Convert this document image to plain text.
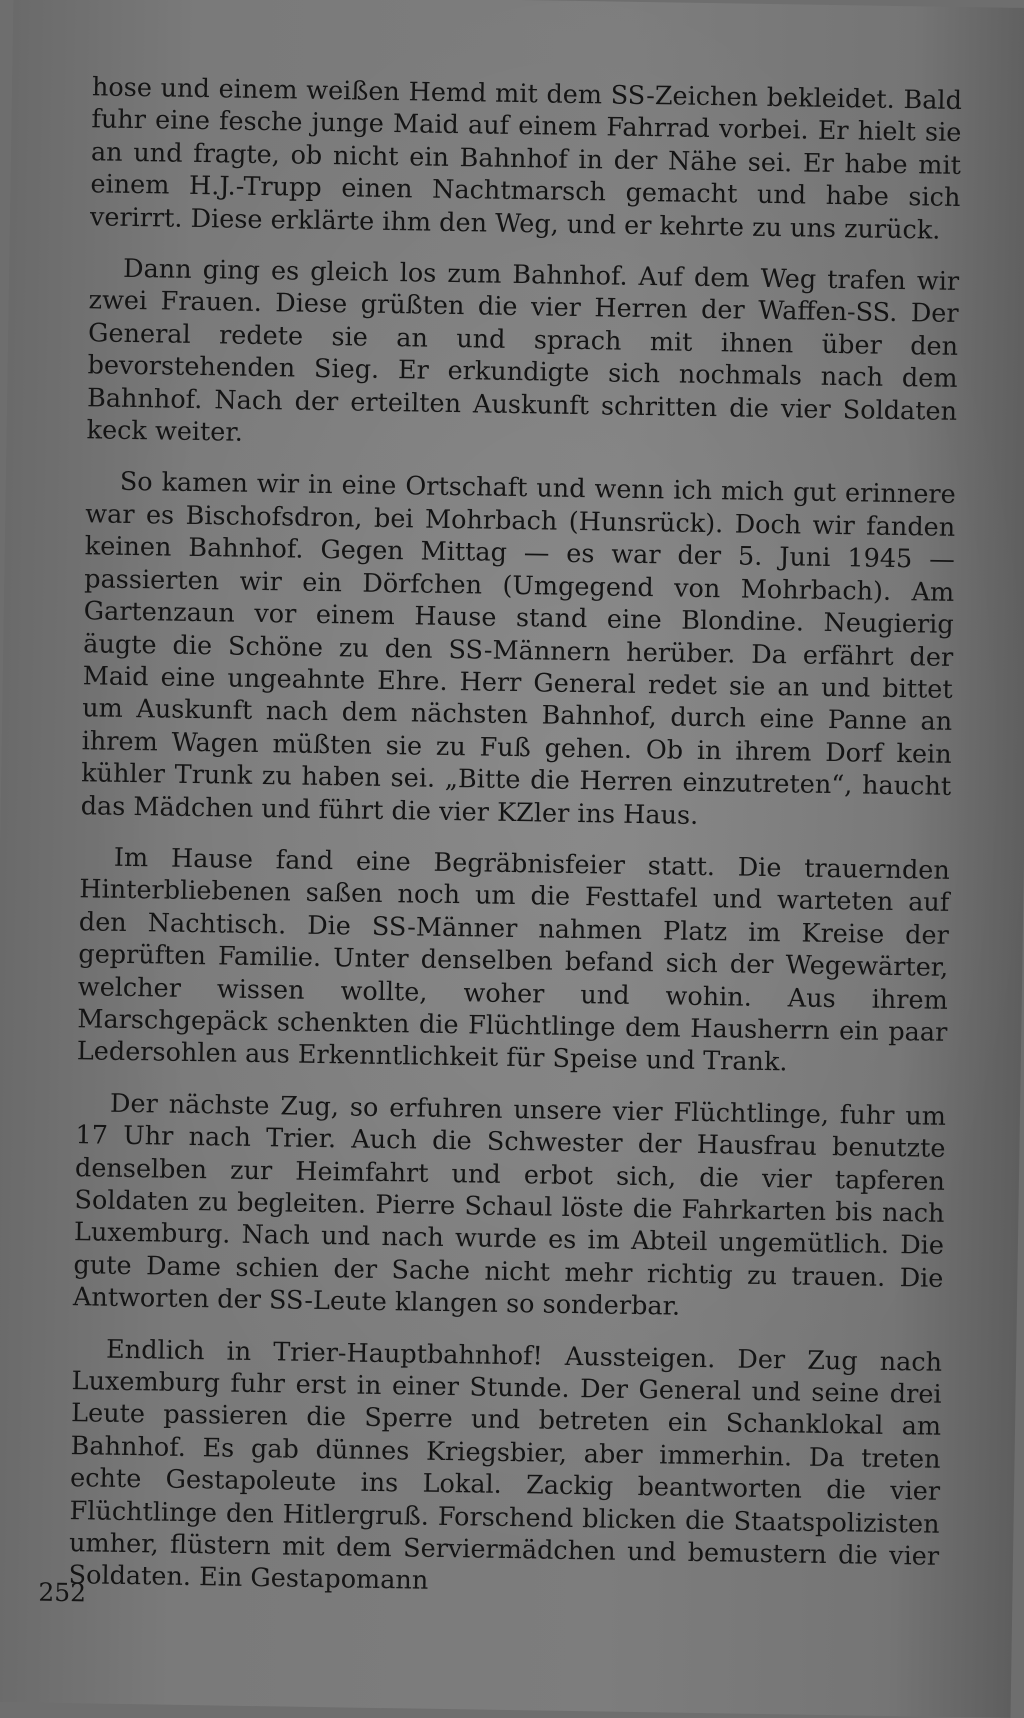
hose und einem weißen Hemd mit dem SS-Zeichen bekleidet. Bald fuhr eine fesche junge Maid auf einem Fahrrad vorbei. Er hielt sie an und fragte, ob nicht ein Bahnhof in der Nähe sei. Er habe mit einem H.J.-Trupp einen Nachtmarsch gemacht und habe sich verirrt. Diese erklärte ihm den Weg, und er kehrte zu uns zurück.

Dann ging es gleich los zum Bahnhof. Auf dem Weg trafen wir zwei Frauen. Diese grüßten die vier Herren der Waffen-SS. Der General redete sie an und sprach mit ihnen über den bevorstehenden Sieg. Er erkundigte sich nochmals nach dem Bahnhof. Nach der erteilten Auskunft schritten die vier Soldaten keck weiter.

So kamen wir in eine Ortschaft und wenn ich mich gut erinnere war es Bischofsdron, bei Mohrbach (Hunsrück). Doch wir fanden keinen Bahnhof. Gegen Mittag — es war der 5. Juni 1945 — passierten wir ein Dörfchen (Umgegend von Mohrbach). Am Gartenzaun vor einem Hause stand eine Blondine. Neugierig äugte die Schöne zu den SS-Männern herüber. Da erfährt der Maid eine ungeahnte Ehre. Herr General redet sie an und bittet um Auskunft nach dem nächsten Bahnhof, durch eine Panne an ihrem Wagen müßten sie zu Fuß gehen. Ob in ihrem Dorf kein kühler Trunk zu haben sei. „Bitte die Herren einzutreten“, haucht das Mädchen und führt die vier KZler ins Haus.

Im Hause fand eine Begräbnisfeier statt. Die trauernden Hinterbliebenen saßen noch um die Festtafel und warteten auf den Nachtisch. Die SS-Männer nahmen Platz im Kreise der geprüften Familie. Unter denselben befand sich der Wegewärter, welcher wissen wollte, woher und wohin. Aus ihrem Marschgepäck schenkten die Flüchtlinge dem Hausherrn ein paar Ledersohlen aus Erkenntlichkeit für Speise und Trank.

Der nächste Zug, so erfuhren unsere vier Flüchtlinge, fuhr um 17 Uhr nach Trier. Auch die Schwester der Hausfrau benutzte denselben zur Heimfahrt und erbot sich, die vier tapferen Soldaten zu begleiten. Pierre Schaul löste die Fahrkarten bis nach Luxemburg. Nach und nach wurde es im Abteil ungemütlich. Die gute Dame schien der Sache nicht mehr richtig zu trauen. Die Antworten der SS-Leute klangen so sonderbar.

Endlich in Trier-Hauptbahnhof! Aussteigen. Der Zug nach Luxemburg fuhr erst in einer Stunde. Der General und seine drei Leute passieren die Sperre und betreten ein Schanklokal am Bahnhof. Es gab dünnes Kriegsbier, aber immerhin. Da treten echte Gestapoleute ins Lokal. Zackig beantworten die vier Flüchtlinge den Hitlergruß. Forschend blicken die Staatspolizisten umher, flüstern mit dem Serviermädchen und bemustern die vier Soldaten. Ein Gestapomann

252
